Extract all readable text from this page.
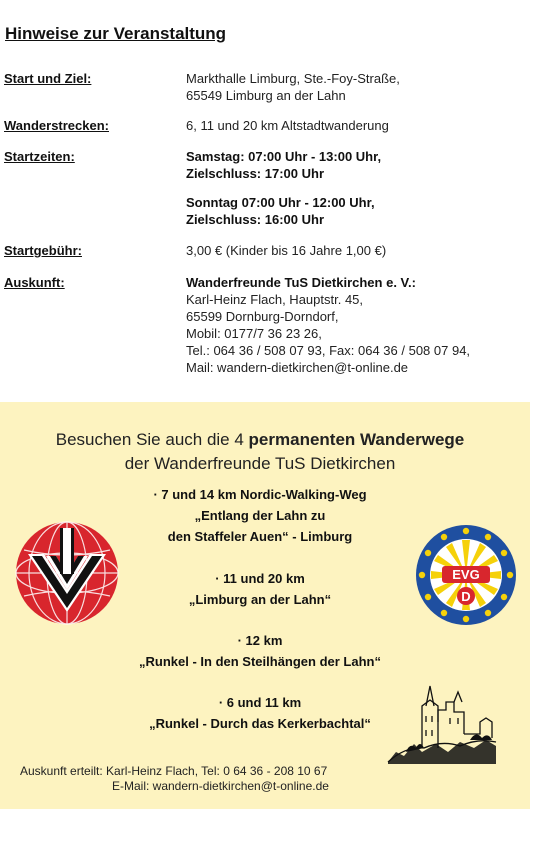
Hinweise zur Veranstaltung
Start und Ziel:	Markthalle Limburg, Ste.-Foy-Straße,
65549 Limburg an der Lahn
Wanderstrecken:	6, 11 und 20 km Altstadtwanderung
Startzeiten:	Samstag: 07:00 Uhr - 13:00 Uhr,
Zielschluss: 17:00 Uhr
Sonntag 07:00 Uhr - 12:00 Uhr,
Zielschluss: 16:00 Uhr
Startgebühr:	3,00 € (Kinder bis 16 Jahre 1,00 €)
Auskunft:	Wanderfreunde TuS Dietkirchen e. V.:
Karl-Heinz Flach, Hauptstr. 45,
65599 Dornburg-Dorndorf,
Mobil: 0177/7 36 23 26,
Tel.: 064 36 / 508 07 93, Fax: 064 36 / 508 07 94,
Mail: wandern-dietkirchen@t-online.de
Besuchen Sie auch die 4 permanenten Wanderwege
der Wanderfreunde TuS Dietkirchen
· 7 und 14 km Nordic-Walking-Weg
„Entlang der Lahn zu
den Staffeler Auen“ - Limburg
· 11 und 20 km
„Limburg an der Lahn“
· 12 km
„Runkel - In den Steilhängen der Lahn“
· 6 und 11 km
„Runkel - Durch das Kerkerbachtal“
EVG
D
Auskunft erteilt: Karl-Heinz Flach, Tel: 0 64 36 - 208 10 67
E-Mail: wandern-dietkirchen@t-online.de
